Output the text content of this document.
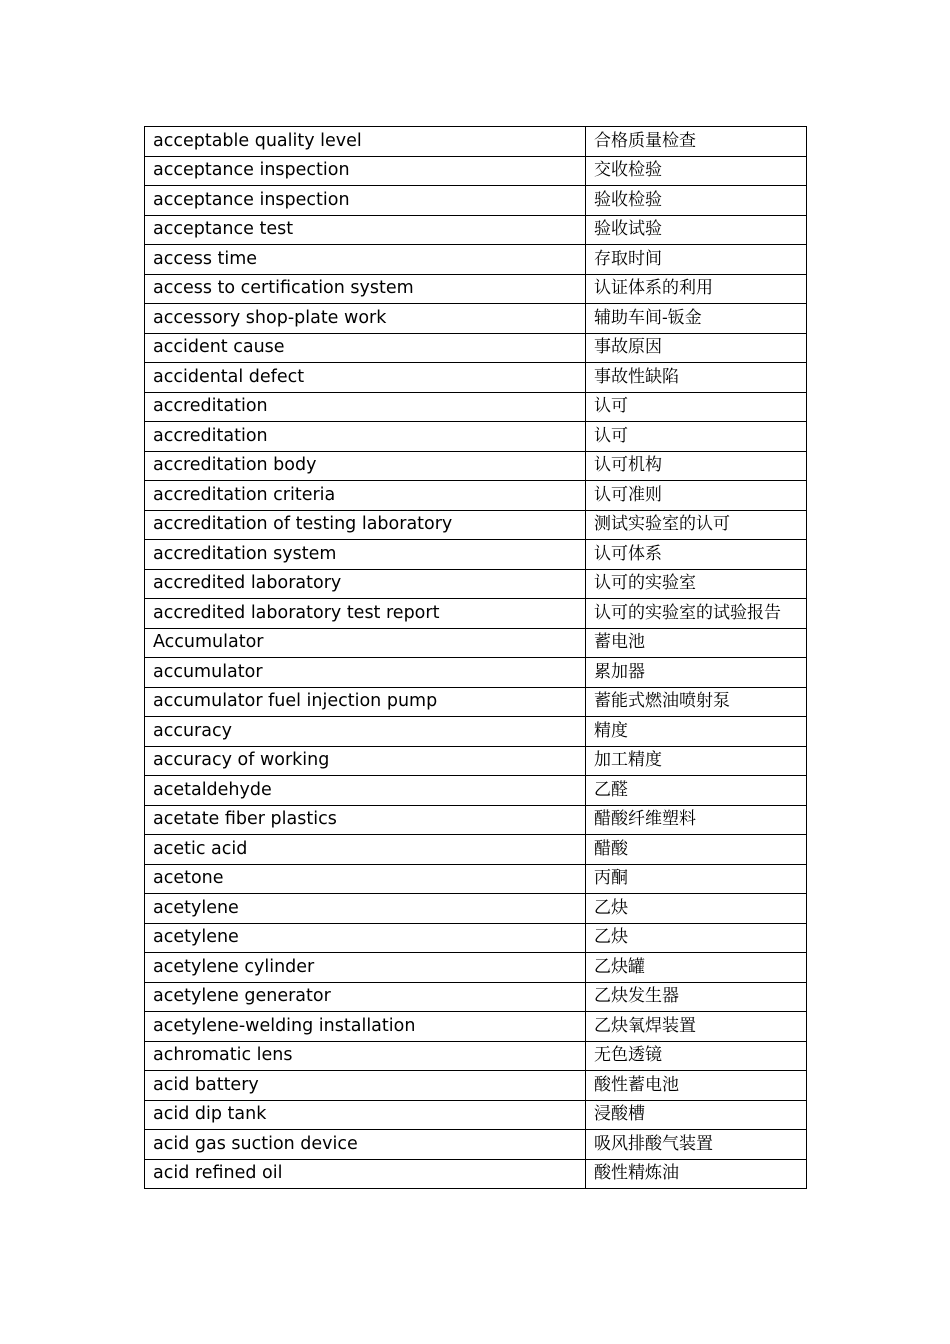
acceptable quality level	合格质量检查
acceptance inspection	交收检验
acceptance inspection	验收检验
acceptance test	验收试验
access time	存取时间
access to certification system	认证体系的利用
accessory shop-plate work	辅助车间-钣金
accident cause	事故原因
accidental defect	事故性缺陷
accreditation	认可
accreditation	认可
accreditation body	认可机构
accreditation criteria	认可准则
accreditation of testing laboratory	测试实验室的认可
accreditation system	认可体系
accredited laboratory	认可的实验室
accredited laboratory test report	认可的实验室的试验报告
Accumulator	蓄电池
accumulator	累加器
accumulator fuel injection pump	蓄能式燃油喷射泵
accuracy	精度
accuracy of working	加工精度
acetaldehyde	乙醛
acetate fiber plastics	醋酸纤维塑料
acetic acid	醋酸
acetone	丙酮
acetylene	乙炔
acetylene	乙炔
acetylene cylinder	乙炔罐
acetylene generator	乙炔发生器
acetylene-welding installation	乙炔氧焊装置
achromatic lens	无色透镜
acid battery	酸性蓄电池
acid dip tank	浸酸槽
acid gas suction device	吸风排酸气装置
acid refined oil	酸性精炼油
